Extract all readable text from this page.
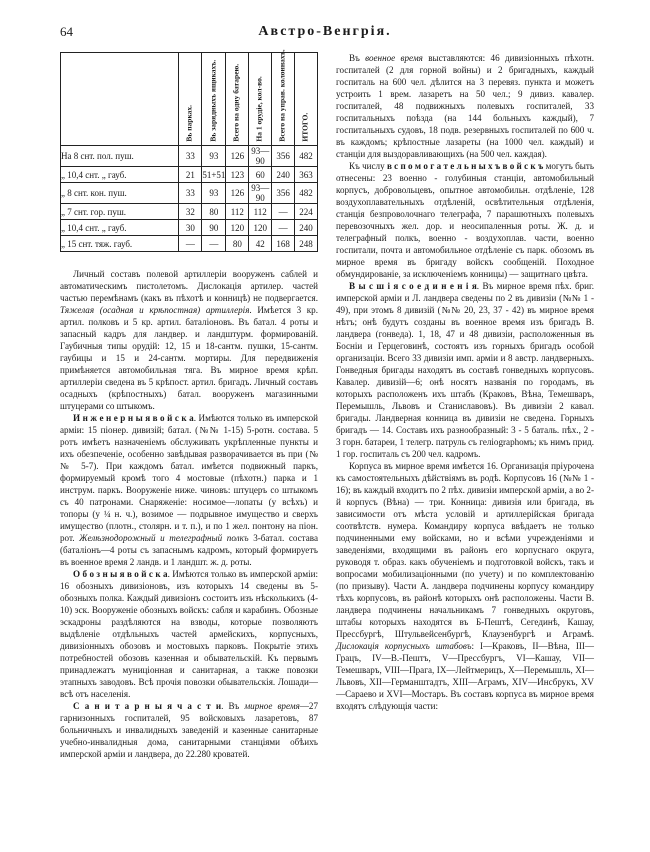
64	Австро-Венгрія.

	Вь парках.	Вь зарядныхъ ящикахъ.	Всего на одну батарею.	На 1 орудіе, кол-во.	Всего на управ. колоннахъ.	ИТОГО.

На 8 снт. пол. пуш.	33	93	126	93—90	356	482
„ 10,4 снт. „ гауб.	21	51+51	123	60	240	363
„ 8 снт. кон. пуш.	33	93	126	93—90	356	482
„ 7 снт. гор. пуш.	32	80	112	112	—	224
„ 10,4 снт. „ гауб.	30	90	120	120	—	240
„ 15 снт. тяж. гауб.	—	—	80	42	168	248

Личный составъ полевой артиллеріи вооруженъ саблей и автоматическимъ пистолетомъ. Дислокація артилер. частей частью перемѣнамъ (какъ въ пѣхотѣ и конницѣ) не подвергается. Тяжелая (осадная и крѣпостная) артиллерія. Имѣется 3 кр. артил. полковъ и 5 кр. артил. баталіоновъ. Въ батал. 4 роты и запасный кадръ для ландвер. и ландштурм. формированій. Гаубичныя типы орудій: 12, 15 и 18-сантм. пушки, 15-сантм. гаубицы и 15 и 24-сантм. мортиры. Для передвиженія примѣняется автомобильная тяга. Въ мирное время крѣп. артиллеріи сведена въ 5 крѣпост. артил. бригадъ. Личный составъ осадныхъ (крѣпостныхъ) батал. вооруженъ магазинными штуцерами со штыкомъ.

И н ж е н е р н ы я в о й с к а. Имѣются только въ имперской арміи: 15 піонер. дивизій; батал. (№№ 1-15) 5-ротн. состава. 5 ротъ имѣетъ назначеніемъ обслуживать укрѣпленные пункты и ихъ обезпеченіе, особенно завѣдывая разворачивается въ при (№№ 5-7). При каждомъ батал. имѣется подвижный паркъ, формируемый кромѣ того 4 мостовые (пѣхотн.) парка и 1 инструм. паркъ. Вооруженіе ниже. чиновъ: штуцеръ со штыкомъ съ 40 патронами. Снаряженіе: носимое—лопаты (у всѣхъ) и топоры (у ¼ н. ч.), возимое — подрывное имущество и сверхъ имущество (плотн., столярн. и т. п.), и по 1 жел. понтону на піон. рот. Желѣзнодорожный и телеграфный полкъ 3-батал. состава (баталіонъ—4 роты съ запаснымъ кадромъ, который формируетъ въ военное время 2 ландв. и 1 ландшт. ж. д. роты.

О б о з н ы я в о й с к а. Имѣются только въ имперской арміи: 16 обозныхъ дивизіоновъ, изъ которыхъ 14 сведены въ 5-обозныхъ полка. Каждый дивизіонъ состоитъ изъ нѣсколькихъ (4-10) эск. Вооруженіе обозныхъ войскъ: сабля и карабинъ. Обозные эскадроны раздѣляются на взводы, которые позволяютъ выдѣленіе отдѣльныхъ частей армейскихъ, корпусныхъ, дивизіонныхъ обозовъ и мостовыхъ парковъ. Покрытіе этихъ потребностей обозовъ казенная и обывательскій. Къ первымъ принадлежатъ муниціонная и санитарная, а также повозки этапныхъ заводовъ. Всѣ прочія повозки обывательскія. Лошади—всѣ отъ населенія.

С а н и т а р н ы я ч а с т и. Въ мирное время—27 гарнизонныхъ госпиталей, 95 войсковыхъ лазаретовъ, 87 больничныхъ и инвалидныхъ заведеній и казенные санитарные учебно-инвалидныя дома, санитарными станціями обѣихъ имперской арміи и ландвера, до 22.280 кроватей.

Въ военное время выставляются: 46 дивизіонныхъ пѣхотн. госпиталей (2 для горной войны) и 2 бригадныхъ, каждый госпиталь на 600 чел. дѣлится на 3 перевяз. пункта и можетъ устроить 1 врем. лазаретъ на 50 чел.; 9 дивиз. кавалер. госпиталей, 48 подвижныхъ полевыхъ госпиталей, 33 госпитальныхъ поѣзда (на 144 больныхъ каждый), 7 госпитальныхъ судовъ, 18 подв. резервныхъ госпиталей по 600 ч. въ каждомъ; крѣпостные лазареты (на 1000 чел. каждый) и станціи для выздоравливающихъ (на 500 чел. каждая).

Къ числу в с п о м о г а т е л ь н ы х ъ в о й с к ъ могутъ быть отнесены: 23 военно - голубиныя станціи, автомобильный корпусъ, добровольцевъ, опытное автомобильн. отдѣленіе, 128 воздухоплавательныхъ отдѣленій, освѣтительныя отдѣленія, станція безпроволочнаго телеграфа, 7 парашютныхъ полевыхъ перевозочныхъ жел. дор. и неосипаленныя роты. Ж. д. и телеграфный полкъ, военно - воздухоплав. части, военно госпитали, почта и автомобильное отдѣленіе съ парк. обозомъ въ мирное время въ бригаду войскъ сообщеній. Походное обмундированіе, за исключеніемъ конницы) — защитнаго цвѣта.

В ы с ш і я с о е д и н е н і я. Въ мирное время пѣх. бриг. имперской арміи и Л. ландвера сведены по 2 въ дивизіи (№№ 1 - 49), при этомъ 8 дивизій (№№ 20, 23, 37 - 42) въ мирное время нѣтъ; онѣ будутъ созданы въ военное время изъ бригадъ В. ландвера (гонведа). 1, 18, 47 и 48 дивизіи, расположенныя въ Босніи и Герцеговинѣ, состоятъ изъ горныхъ бригадъ особой организаціи. Всего 33 дивизіи имп. арміи и 8 австр. ландверныхъ. Гонведныя бригады находятъ въ составѣ гонведныхъ корпусовъ. Кавалер. дивизій—6; онѣ носятъ названія по городамъ, въ которыхъ расположенъ ихъ штабъ (Краковъ, Вѣна, Темешваръ, Перемышль, Львовъ и Станиславовъ). Въ дивизіи 2 кавал. бригады. Ландверная конница въ дивизіи не сведена. Горныхъ бригадъ — 14. Составъ ихъ разнообразный: 3 - 5 баталь. пѣх., 2 - 3 горн. батареи, 1 телегр. патруль съ гелiographомъ; къ нимъ прид. 1 гор. госпиталь съ 200 чел. кадромъ.

Корпуса въ мирное время имѣется 16. Организація пріурочена къ самостоятельныхъ дѣйствіямъ въ родѣ. Корпусовъ 16 (№№ 1 - 16); въ каждый входитъ по 2 пѣх. дивизіи имперской арміи, а во 2-й корпусъ (Вѣна) — три. Конница: дивизія или бригада, въ зависимости отъ мѣста условій и артиллерійская бригада соотвѣтств. нумера. Командиру корпуса ввѣдаетъ не только подчиненными ему войсками, но и всѣми учрежденіями и заведеніями, входящими въ районъ его корпуснаго округа, руководя т. образ. какъ обученіемъ и подготовкой войскъ, такъ и вопросами мобилизаціонными (по учету) и по комплектованію (по призыву). Части А. ландвера подчинены корпусу командиру тѣхъ корпусовъ, въ районѣ которыхъ онѣ расположены. Части В. ландвера подчинены начальникамъ 7 гонведныхъ округовъ, штабы которыхъ находятся въ Б-Пештѣ, Сегединѣ, Кашау, Прессбургѣ, Штульвейсенбургѣ, Клаузенбургѣ и Аграмѣ. Дислокація корпусныхъ штабовъ: I—Краковъ, II—Вѣна, III—Грацъ, IV—В.-Пештъ, V—Прессбургъ, VI—Кашау, VII—Темешваръ, VIII—Прага, IX—Лейтмерицъ, X—Перемышль, XI—Львовъ, XII—Германштадтъ, XIII—Аграмъ, XIV—Инсбрукъ, XV—Сараево и XVI—Мостаръ. Въ составъ корпуса въ мирное время входятъ слѣдующія части:
